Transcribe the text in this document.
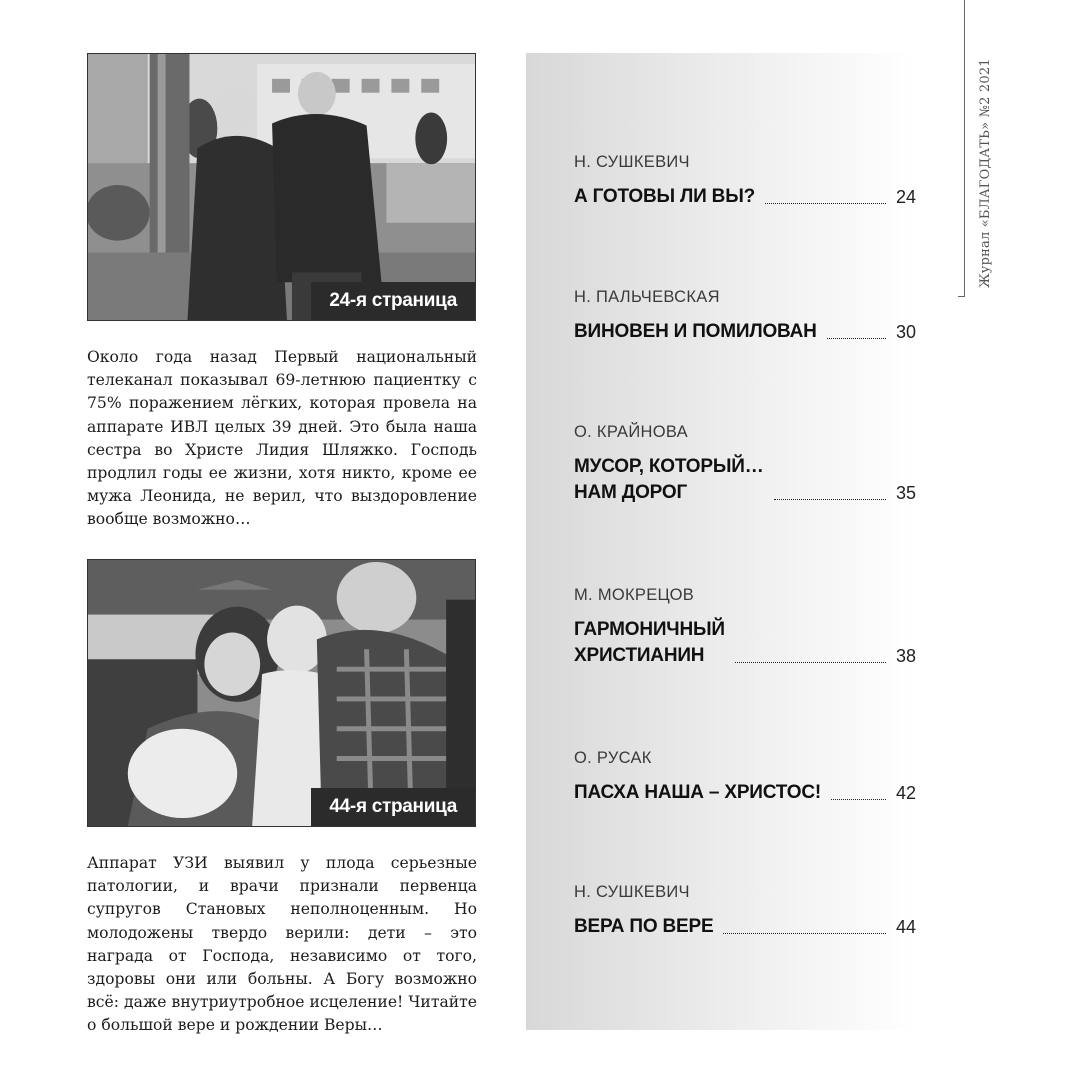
24-я страница
Около года назад Первый национальный телеканал показывал 69-летнюю пациентку с 75% поражением лёгких, которая провела на аппарате ИВЛ целых 39 дней. Это была наша сестра во Христе Лидия Шляжко. Господь продлил годы ее жизни, хотя никто, кроме ее мужа Леонида, не верил, что выздоровление вообще возможно…
44-я страница
Аппарат УЗИ выявил у плода серьезные патологии, и врачи признали первенца супругов Становых неполноценным. Но молодожены твердо верили: дети – это награда от Господа, независимо от того, здоровы они или больны. А Богу возможно всё: даже внутриутробное исцеление! Читайте о большой вере и рождении Веры…
Н. СУШКЕВИЧ
А ГОТОВЫ ЛИ ВЫ?	24
Н. ПАЛЬЧЕВСКАЯ
ВИНОВЕН И ПОМИЛОВАН	30
О. КРАЙНОВА
МУСОР, КОТОРЫЙ…
НАМ ДОРОГ	35
М. МОКРЕЦОВ
ГАРМОНИЧНЫЙ
ХРИСТИАНИН	38
О. РУСАК
ПАСХА НАША – ХРИСТОС!	42
Н. СУШКЕВИЧ
ВЕРА ПО ВЕРЕ	44
Журнал «БЛАГОДАТЬ» №2 2021
